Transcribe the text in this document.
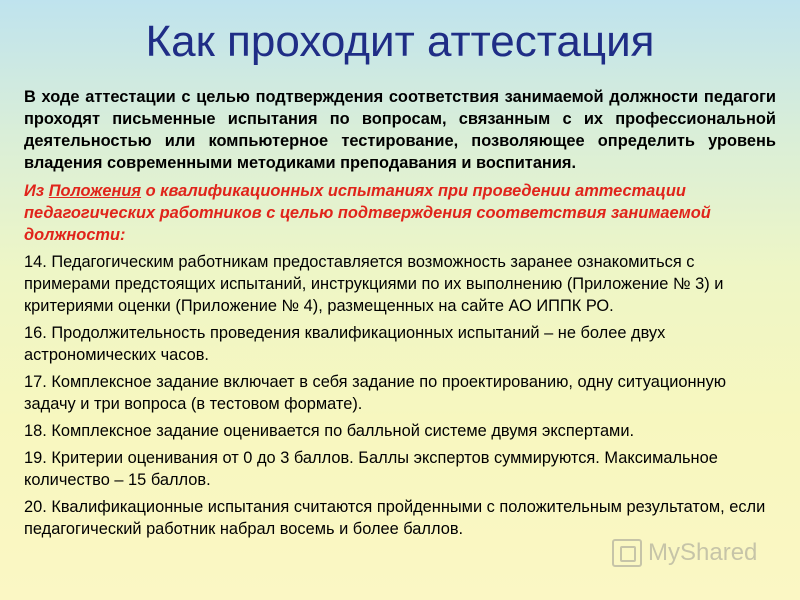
Как проходит аттестация

В ходе аттестации с целью подтверждения соответствия занимаемой должности педагоги проходят письменные испытания по вопросам, связанным с их профессиональной деятельностью или компьютерное тестирование, позволяющее определить уровень владения современными методиками преподавания и воспитания.

Из Положения о квалификационных испытаниях при проведении аттестации педагогических работников с целью подтверждения соответствия занимаемой должности:

14. Педагогическим работникам предоставляется возможность заранее ознакомиться с примерами предстоящих испытаний, инструкциями по их выполнению (Приложение № 3) и критериями оценки (Приложение № 4), размещенных на сайте АО ИППК РО.

16. Продолжительность проведения квалификационных испытаний – не более двух астрономических часов.

17. Комплексное задание включает в себя задание по проектированию, одну ситуационную задачу и три вопроса (в тестовом формате).

18. Комплексное задание оценивается по балльной системе двумя экспертами.

19. Критерии оценивания от 0 до 3 баллов. Баллы экспертов суммируются. Максимальное количество – 15 баллов.

20. Квалификационные испытания считаются пройденными с положительным результатом, если педагогический работник набрал восемь и более баллов.

MyShared
